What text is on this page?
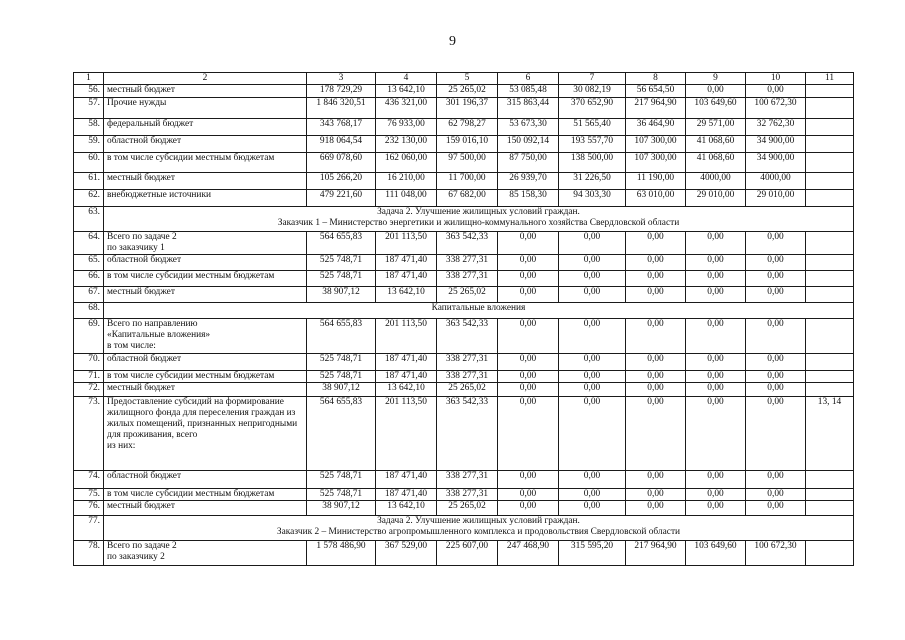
9
1	2	3	4	5	6	7	8	9	10	11
56.	местный бюджет	178 729,29	13 642,10	25 265,02	53 085,48	30 082,19	56 654,50	0,00	0,00	
57.	Прочие нужды	1 846 320,51	436 321,00	301 196,37	315 863,44	370 652,90	217 964,90	103 649,60	100 672,30	
58.	федеральный бюджет	343 768,17	76 933,00	62 798,27	53 673,30	51 565,40	36 464,90	29 571,00	32 762,30	
59.	областной бюджет	918 064,54	232 130,00	159 016,10	150 092,14	193 557,70	107 300,00	41 068,60	34 900,00	
60.	в том числе субсидии местным бюджетам	669 078,60	162 060,00	97 500,00	87 750,00	138 500,00	107 300,00	41 068,60	34 900,00	
61.	местный бюджет	105 266,20	16 210,00	11 700,00	26 939,70	31 226,50	11 190,00	4000,00	4000,00	
62.	внебюджетные источники	479 221,60	111 048,00	67 682,00	85 158,30	94 303,30	63 010,00	29 010,00	29 010,00	
63.	Задача 2. Улучшение жилищных условий граждан.
Заказчик 1 – Министерство энергетики и жилищно-коммунального хозяйства Свердловской области									

64.	Всего по задаче 2
по заказчику 1	564 655,83	201 113,50	363 542,33	0,00	0,00	0,00	0,00	0,00	
65.	областной бюджет	525 748,71	187 471,40	338 277,31	0,00	0,00	0,00	0,00	0,00	
66.	в том числе субсидии местным бюджетам	525 748,71	187 471,40	338 277,31	0,00	0,00	0,00	0,00	0,00	
67.	местный бюджет	38 907,12	13 642,10	25 265,02	0,00	0,00	0,00	0,00	0,00	
68.	Капитальные вложения									

69.	Всего по направлению
«Капитальные вложения»
в том числе:	564 655,83	201 113,50	363 542,33	0,00	0,00	0,00	0,00	0,00	
70.	областной бюджет	525 748,71	187 471,40	338 277,31	0,00	0,00	0,00	0,00	0,00	
71.	в том числе субсидии местным бюджетам	525 748,71	187 471,40	338 277,31	0,00	0,00	0,00	0,00	0,00	
72.	местный бюджет	38 907,12	13 642,10	25 265,02	0,00	0,00	0,00	0,00	0,00	
73.	Предоставление субсидий на формирование жилищного фонда для переселения граждан из жилых помещений, признанных непригодными для проживания, всего
из них:	564 655,83	201 113,50	363 542,33	0,00	0,00	0,00	0,00	0,00	13, 14
74.	областной бюджет	525 748,71	187 471,40	338 277,31	0,00	0,00	0,00	0,00	0,00	
75.	в том числе субсидии местным бюджетам	525 748,71	187 471,40	338 277,31	0,00	0,00	0,00	0,00	0,00	
76.	местный бюджет	38 907,12	13 642,10	25 265,02	0,00	0,00	0,00	0,00	0,00	
77.	Задача 2. Улучшение жилищных условий граждан.
Заказчик 2 – Министерство агропромышленного комплекса и продовольствия Свердловской области									

78.	Всего по задаче 2
по заказчику 2	1 578 486,90	367 529,00	225 607,00	247 468,90	315 595,20	217 964,90	103 649,60	100 672,30	
